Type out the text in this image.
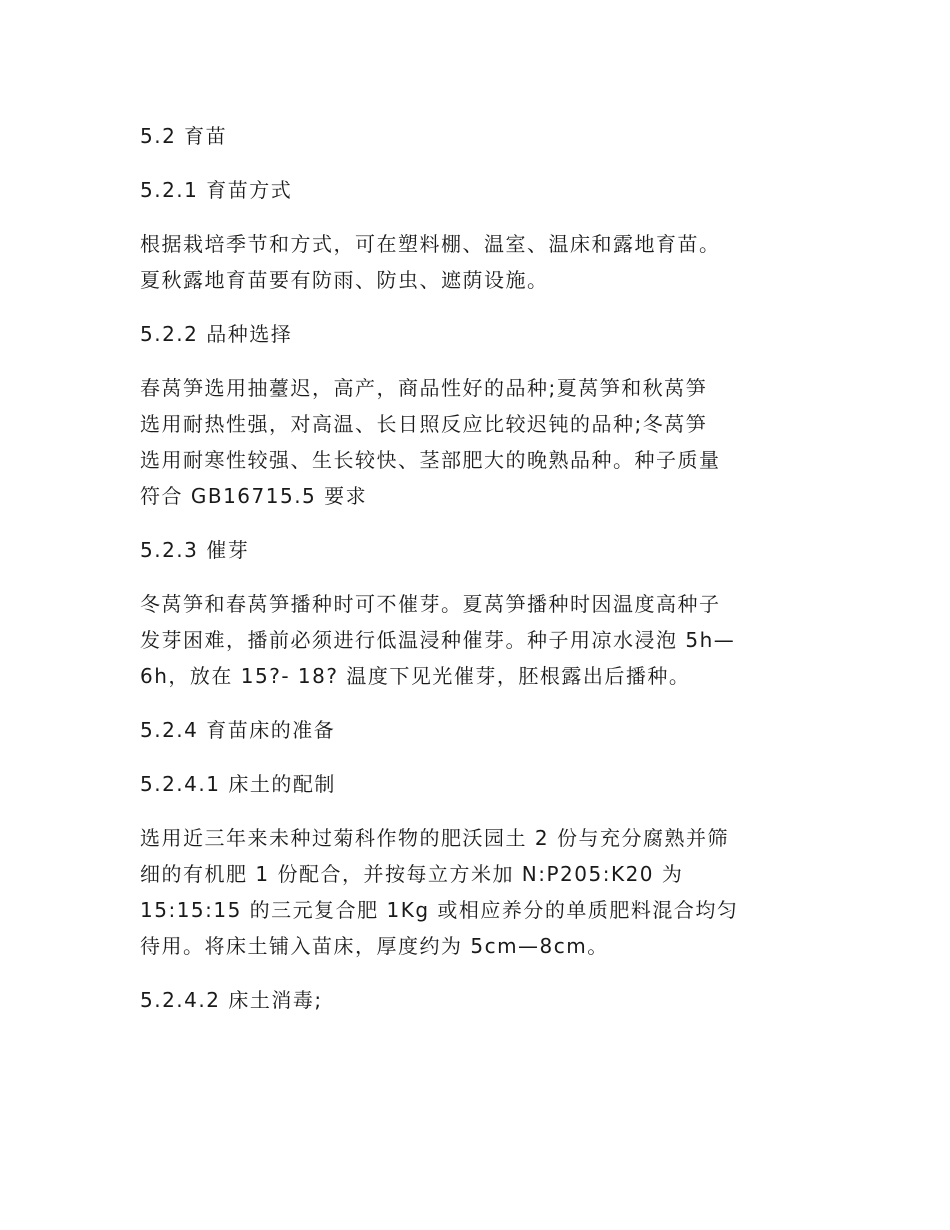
5.2 育苗
5.2.1 育苗方式
根据栽培季节和方式，可在塑料棚、温室、温床和露地育苗。
夏秋露地育苗要有防雨、防虫、遮荫设施。
5.2.2 品种选择
春莴笋选用抽薹迟，高产，商品性好的品种;夏莴笋和秋莴笋
选用耐热性强，对高温、长日照反应比较迟钝的品种;冬莴笋
选用耐寒性较强、生长较快、茎部肥大的晚熟品种。种子质量
符合 GB16715.5 要求
5.2.3 催芽
冬莴笋和春莴笋播种时可不催芽。夏莴笋播种时因温度高种子
发芽困难，播前必须进行低温浸种催芽。种子用凉水浸泡 5h—
6h，放在 15?- 18? 温度下见光催芽，胚根露出后播种。
5.2.4 育苗床的准备
5.2.4.1 床土的配制
选用近三年来未种过菊科作物的肥沃园土 2 份与充分腐熟并筛
细的有机肥 1 份配合，并按每立方米加 N:P205:K20 为
15:15:15 的三元复合肥 1Kg 或相应养分的单质肥料混合均匀
待用。将床土铺入苗床，厚度约为 5cm—8cm。
5.2.4.2 床土消毒;
